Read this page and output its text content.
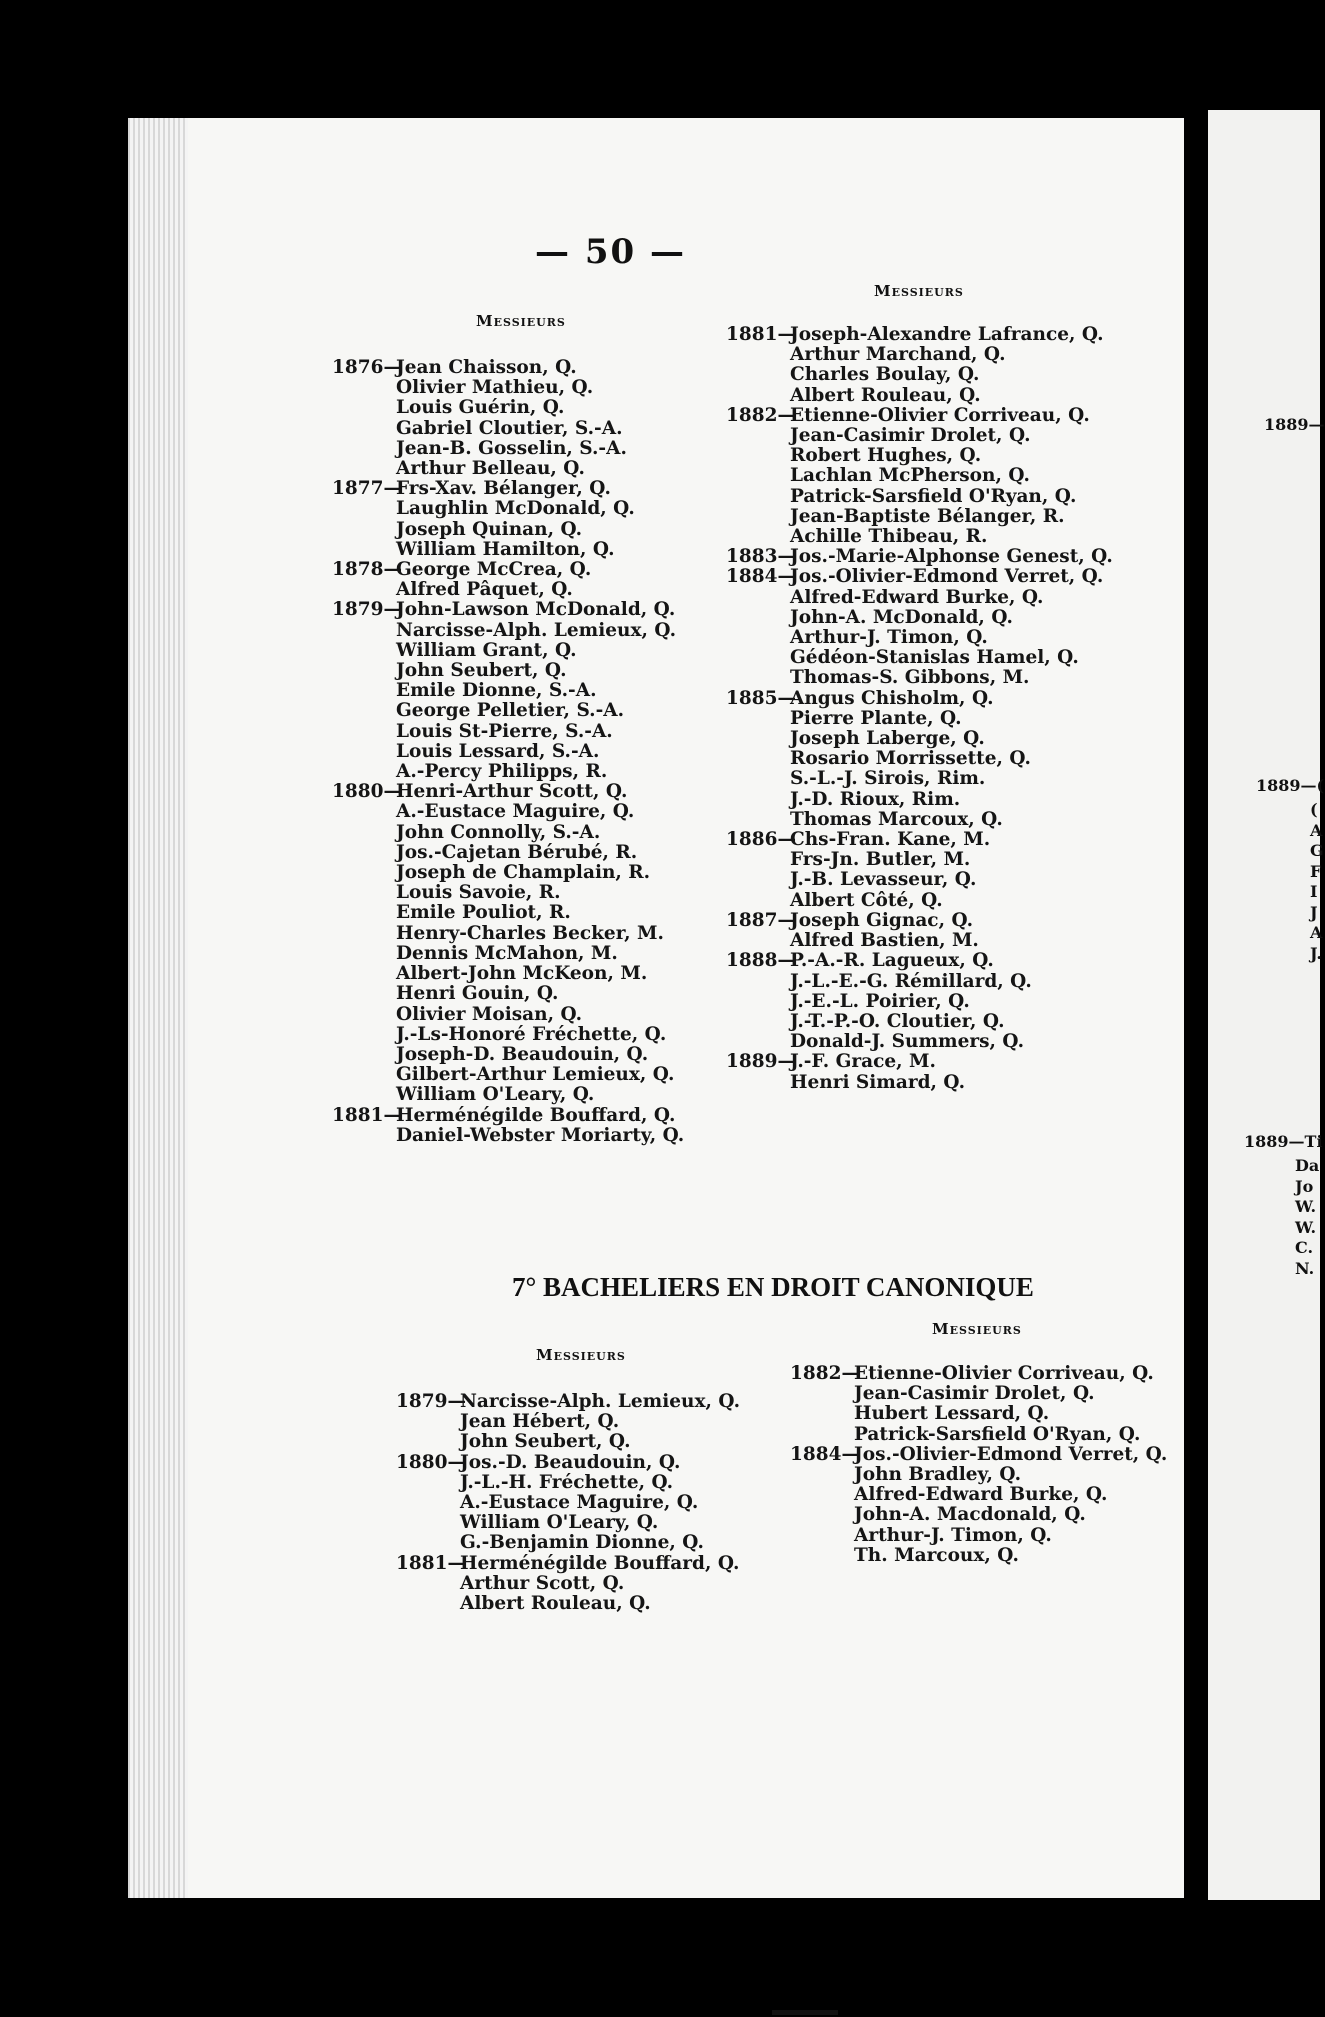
1889—
1889—(
(
A
G
F
I
J
A
J.
1889—Ti
Da
Jo
W.
W.
C.
N.
— 50 —
Messieurs
1876—
Jean Chaisson, Q.
Olivier Mathieu, Q.
Louis Guérin, Q.
Gabriel Cloutier, S.-A.
Jean-B. Gosselin, S.-A.
Arthur Belleau, Q.
1877—
Frs-Xav. Bélanger, Q.
Laughlin McDonald, Q.
Joseph Quinan, Q.
William Hamilton, Q.
1878—
George McCrea, Q.
Alfred Pâquet, Q.
1879—
John-Lawson McDonald, Q.
Narcisse-Alph. Lemieux, Q.
William Grant, Q.
John Seubert, Q.
Emile Dionne, S.-A.
George Pelletier, S.-A.
Louis St-Pierre, S.-A.
Louis Lessard, S.-A.
A.-Percy Philipps, R.
1880—
Henri-Arthur Scott, Q.
A.-Eustace Maguire, Q.
John Connolly, S.-A.
Jos.-Cajetan Bérubé, R.
Joseph de Champlain, R.
Louis Savoie, R.
Emile Pouliot, R.
Henry-Charles Becker, M.
Dennis McMahon, M.
Albert-John McKeon, M.
Henri Gouin, Q.
Olivier Moisan, Q.
J.-Ls-Honoré Fréchette, Q.
Joseph-D. Beaudouin, Q.
Gilbert-Arthur Lemieux, Q.
William O'Leary, Q.
1881—
Herménégilde Bouffard, Q.
Daniel-Webster Moriarty, Q.
Messieurs
1881—
Joseph-Alexandre Lafrance, Q.
Arthur Marchand, Q.
Charles Boulay, Q.
Albert Rouleau, Q.
1882—
Etienne-Olivier Corriveau, Q.
Jean-Casimir Drolet, Q.
Robert Hughes, Q.
Lachlan McPherson, Q.
Patrick-Sarsfield O'Ryan, Q.
Jean-Baptiste Bélanger, R.
Achille Thibeau, R.
1883—
Jos.-Marie-Alphonse Genest, Q.
1884—
Jos.-Olivier-Edmond Verret, Q.
Alfred-Edward Burke, Q.
John-A. McDonald, Q.
Arthur-J. Timon, Q.
Gédéon-Stanislas Hamel, Q.
Thomas-S. Gibbons, M.
1885—
Angus Chisholm, Q.
Pierre Plante, Q.
Joseph Laberge, Q.
Rosario Morrissette, Q.
S.-L.-J. Sirois, Rim.
J.-D. Rioux, Rim.
Thomas Marcoux, Q.
1886—
Chs-Fran. Kane, M.
Frs-Jn. Butler, M.
J.-B. Levasseur, Q.
Albert Côté, Q.
1887—
Joseph Gignac, Q.
Alfred Bastien, M.
1888—
P.-A.-R. Lagueux, Q.
J.-L.-E.-G. Rémillard, Q.
J.-E.-L. Poirier, Q.
J.-T.-P.-O. Cloutier, Q.
Donald-J. Summers, Q.
1889—
J.-F. Grace, M.
Henri Simard, Q.
7° BACHELIERS EN DROIT CANONIQUE
Messieurs
1879—
Narcisse-Alph. Lemieux, Q.
Jean Hébert, Q.
John Seubert, Q.
1880—
Jos.-D. Beaudouin, Q.
J.-L.-H. Fréchette, Q.
A.-Eustace Maguire, Q.
William O'Leary, Q.
G.-Benjamin Dionne, Q.
1881—
Herménégilde Bouffard, Q.
Arthur Scott, Q.
Albert Rouleau, Q.
Messieurs
1882—
Etienne-Olivier Corriveau, Q.
Jean-Casimir Drolet, Q.
Hubert Lessard, Q.
Patrick-Sarsfield O'Ryan, Q.
1884—
Jos.-Olivier-Edmond Verret, Q.
John Bradley, Q.
Alfred-Edward Burke, Q.
John-A. Macdonald, Q.
Arthur-J. Timon, Q.
Th. Marcoux, Q.
